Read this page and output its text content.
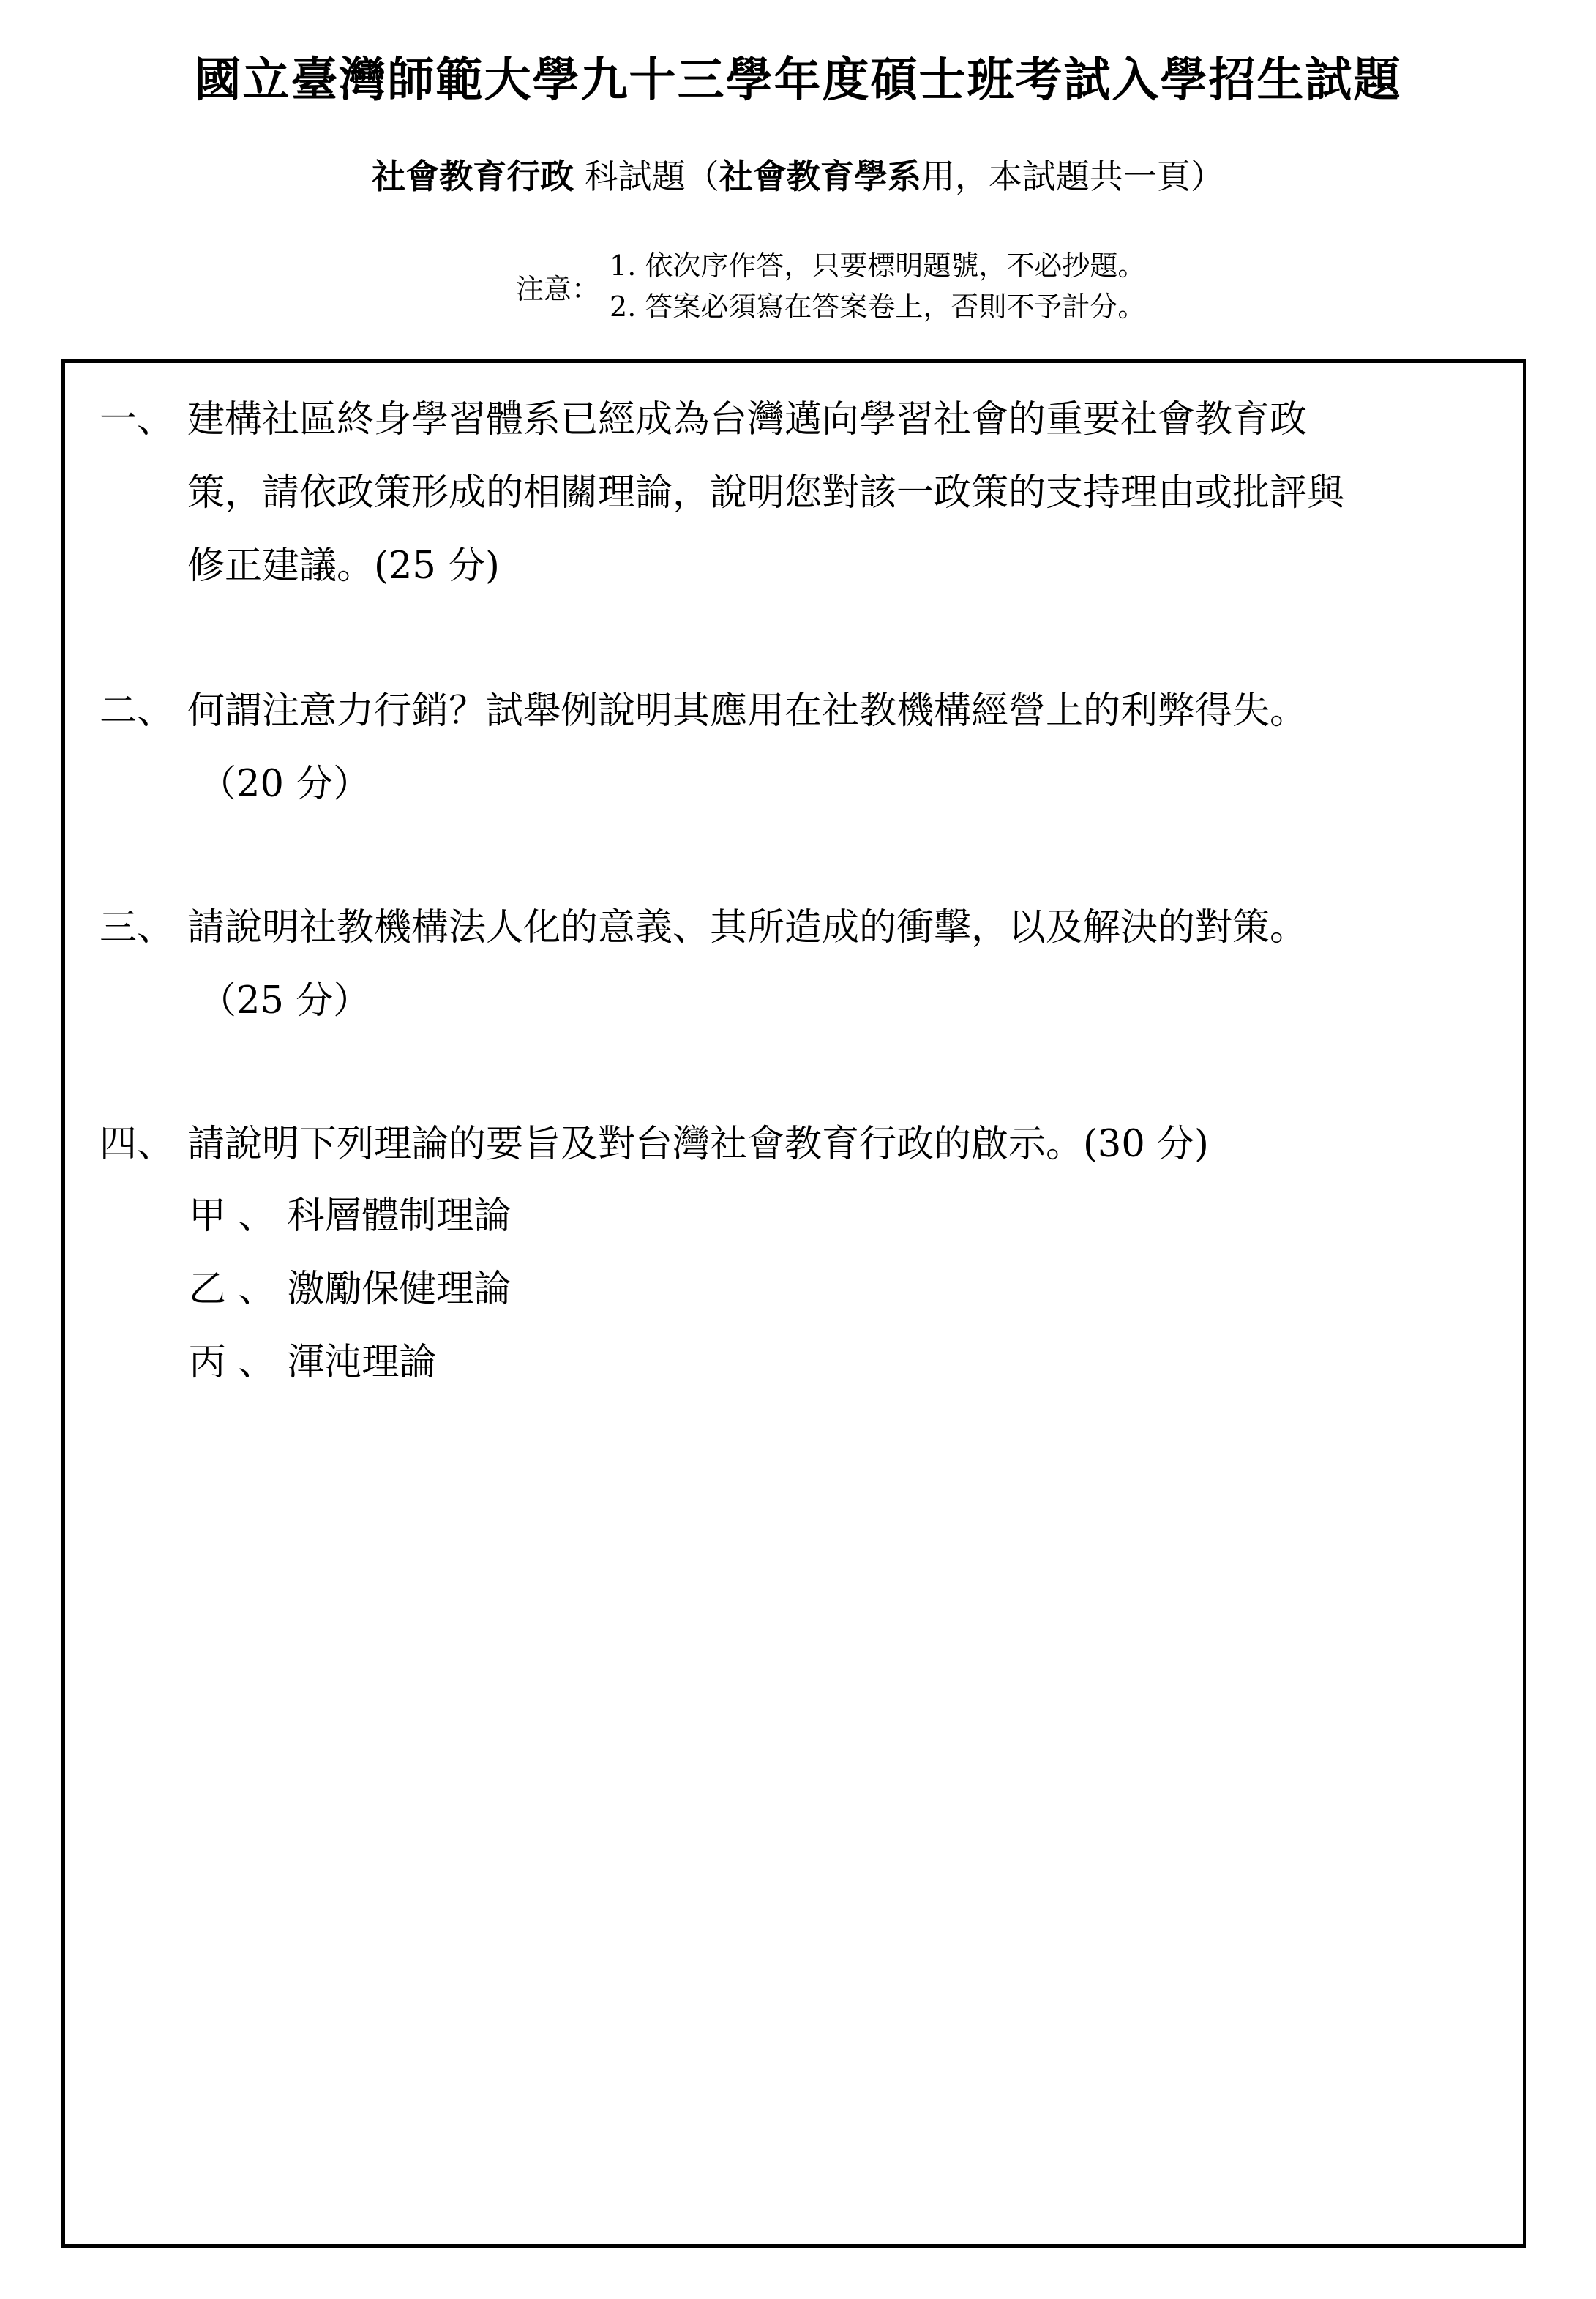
國立臺灣師範大學九十三學年度碩士班考試入學招生試題
社會教育行政 科試題（社會教育學系用，本試題共一頁）
注意：
1. 依次序作答，只要標明題號，不必抄題。
2. 答案必須寫在答案卷上，否則不予計分。
一、 建構社區終身學習體系已經成為台灣邁向學習社會的重要社會教育政
策，請依政策形成的相關理論，說明您對該一政策的支持理由或批評與
修正建議。(25 分)
二、 何謂注意力行銷？試舉例說明其應用在社教機構經營上的利弊得失。
（20 分）
三、 請說明社教機構法人化的意義、其所造成的衝擊，以及解決的對策。
（25 分）
四、 請說明下列理論的要旨及對台灣社會教育行政的啟示。(30 分)
甲 、 科層體制理論
乙 、 激勵保健理論
丙 、 渾沌理論
